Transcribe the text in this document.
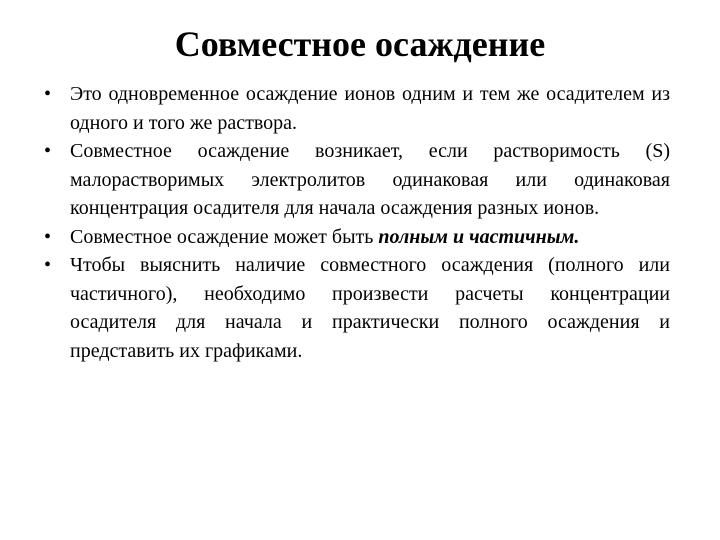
Совместное осаждение
• Это одновременное осаждение ионов одним и тем же осадителем из одного и того же раствора.
• Совместное осаждение возникает, если растворимость (S) малорастворимых электролитов одинаковая или одинаковая концентрация осадителя для начала осаждения разных ионов.
• Совместное осаждение может быть полным и частичным.
• Чтобы выяснить наличие совместного осаждения (полного или частичного), необходимо произвести расчеты концентрации осадителя для начала и практически полного осаждения и представить их графиками.
